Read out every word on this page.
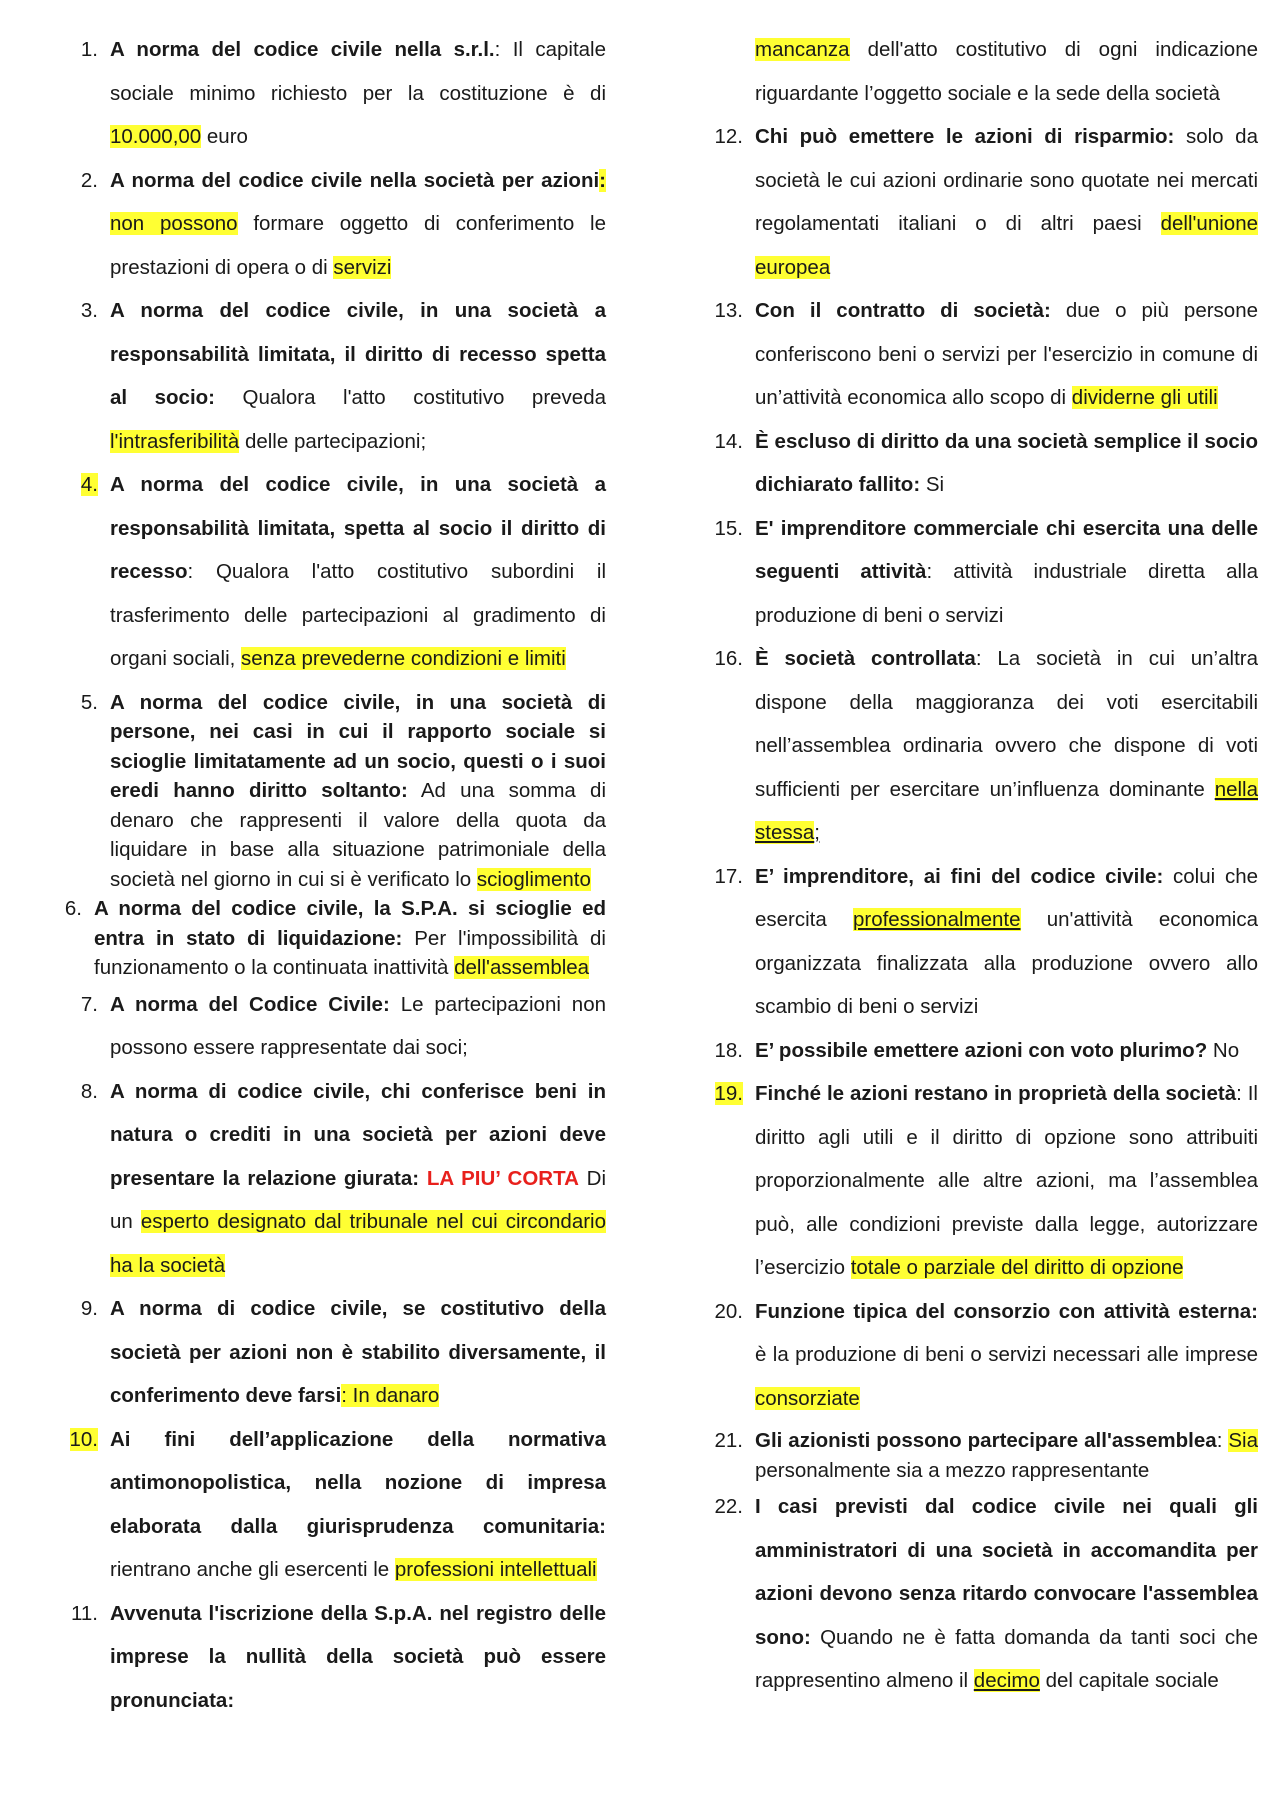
1. A norma del codice civile nella s.r.l.: Il capitale sociale minimo richiesto per la costituzione è di 10.000,00 euro

2. A norma del codice civile nella società per azioni: non possono formare oggetto di conferimento le prestazioni di opera o di servizi

3. A norma del codice civile, in una società a responsabilità limitata, il diritto di recesso spetta al socio: Qualora l'atto costitutivo preveda l'intrasferibilità delle partecipazioni;

4. A norma del codice civile, in una società a responsabilità limitata, spetta al socio il diritto di recesso: Qualora l'atto costitutivo subordini il trasferimento delle partecipazioni al gradimento di organi sociali, senza prevederne condizioni e limiti

5. A norma del codice civile, in una società di persone, nei casi in cui il rapporto sociale si scioglie limitatamente ad un socio, questi o i suoi eredi hanno diritto soltanto: Ad una somma di denaro che rappresenti il valore della quota da liquidare in base alla situazione patrimoniale della società nel giorno in cui si è verificato lo scioglimento

6. A norma del codice civile, la S.P.A. si scioglie ed entra in stato di liquidazione: Per l'impossibilità di funzionamento o la continuata inattività dell'assemblea

7. A norma del Codice Civile: Le partecipazioni non possono essere rappresentate dai soci;

8. A norma di codice civile, chi conferisce beni in natura o crediti in una società per azioni deve presentare la relazione giurata: LA PIU’ CORTA Di un esperto designato dal tribunale nel cui circondario ha la società

9. A norma di codice civile, se costitutivo della società per azioni non è stabilito diversamente, il conferimento deve farsi: In danaro

10. Ai fini dell’applicazione della normativa antimonopolistica, nella nozione di impresa elaborata dalla giurisprudenza comunitaria: rientrano anche gli esercenti le professioni intellettuali

11. Avvenuta l'iscrizione della S.p.A. nel registro delle imprese la nullità della società può essere pronunciata:

mancanza dell'atto costitutivo di ogni indicazione riguardante l’oggetto sociale e la sede della società

12. Chi può emettere le azioni di risparmio: solo da società le cui azioni ordinarie sono quotate nei mercati regolamentati italiani o di altri paesi dell'unione europea

13. Con il contratto di società: due o più persone conferiscono beni o servizi per l'esercizio in comune di un’attività economica allo scopo di dividerne gli utili

14. È escluso di diritto da una società semplice il socio dichiarato fallito: Si

15. E' imprenditore commerciale chi esercita una delle seguenti attività: attività industriale diretta alla produzione di beni o servizi

16. È società controllata: La società in cui un’altra dispone della maggioranza dei voti esercitabili nell’assemblea ordinaria ovvero che dispone di voti sufficienti per esercitare un’influenza dominante nella stessa;

17. E’ imprenditore, ai fini del codice civile: colui che esercita professionalmente un'attività economica organizzata finalizzata alla produzione ovvero allo scambio di beni o servizi

18. E’ possibile emettere azioni con voto plurimo? No

19. Finché le azioni restano in proprietà della società: Il diritto agli utili e il diritto di opzione sono attribuiti proporzionalmente alle altre azioni, ma l’assemblea può, alle condizioni previste dalla legge, autorizzare l’esercizio totale o parziale del diritto di opzione

20. Funzione tipica del consorzio con attività esterna: è la produzione di beni o servizi necessari alle imprese consorziate

21. Gli azionisti possono partecipare all'assemblea: Sia personalmente sia a mezzo rappresentante

22. I casi previsti dal codice civile nei quali gli amministratori di una società in accomandita per azioni devono senza ritardo convocare l'assemblea sono: Quando ne è fatta domanda da tanti soci che rappresentino almeno il decimo del capitale sociale
